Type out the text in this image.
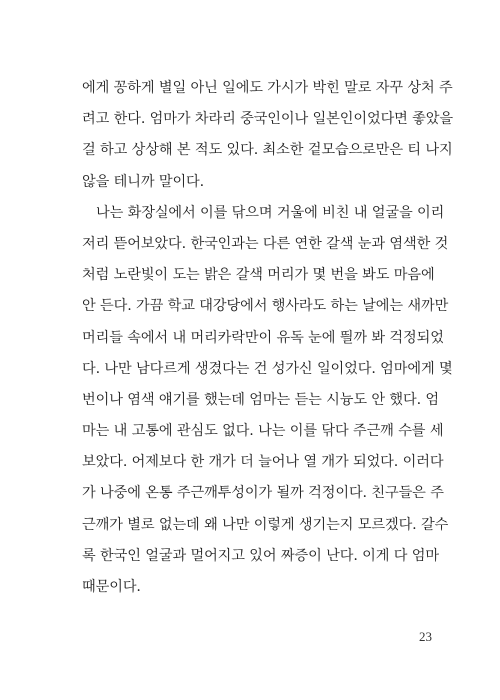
에게 꽁하게 별일 아닌 일에도 가시가 박힌 말로 자꾸 상처 주
려고 한다. 엄마가 차라리 중국인이나 일본인이었다면 좋았을
걸 하고 상상해 본 적도 있다. 최소한 겉모습으로만은 티 나지
않을 테니까 말이다.
나는 화장실에서 이를 닦으며 거울에 비친 내 얼굴을 이리
저리 뜯어보았다. 한국인과는 다른 연한 갈색 눈과 염색한 것
처럼 노란빛이 도는 밝은 갈색 머리가 몇 번을 봐도 마음에
안 든다. 가끔 학교 대강당에서 행사라도 하는 날에는 새까만
머리들 속에서 내 머리카락만이 유독 눈에 띌까 봐 걱정되었
다. 나만 남다르게 생겼다는 건 성가신 일이었다. 엄마에게 몇
번이나 염색 얘기를 했는데 엄마는 듣는 시늉도 안 했다. 엄
마는 내 고통에 관심도 없다. 나는 이를 닦다 주근깨 수를 세
보았다. 어제보다 한 개가 더 늘어나 열 개가 되었다. 이러다
가 나중에 온통 주근깨투성이가 될까 걱정이다. 친구들은 주
근깨가 별로 없는데 왜 나만 이렇게 생기는지 모르겠다. 갈수
록 한국인 얼굴과 멀어지고 있어 짜증이 난다. 이게 다 엄마
때문이다.
23
